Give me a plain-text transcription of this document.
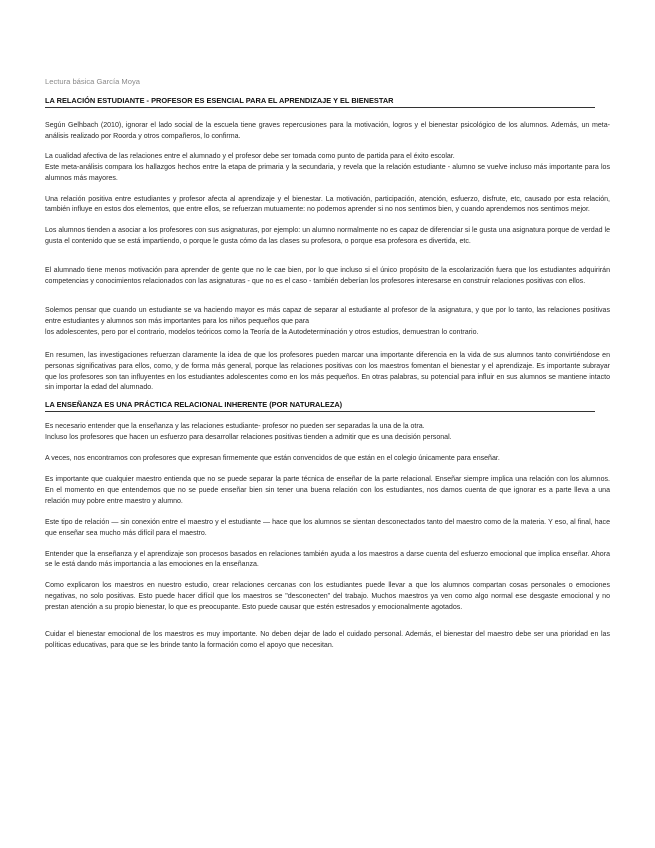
Lectura básica García Moya
LA RELACIÓN ESTUDIANTE - PROFESOR ES ESENCIAL PARA EL APRENDIZAJE Y EL BIENESTAR

Según Gelhbach (2010), ignorar el lado social de la escuela tiene graves repercusiones para la motivación, logros y el bienestar psicológico de los alumnos. Además, un meta-análisis realizado por Roorda y otros compañeros, lo confirma.

La cualidad afectiva de las relaciones entre el alumnado y el profesor debe ser tomada como punto de partida para el éxito escolar.

Este meta-análisis compara los hallazgos hechos entre la etapa de primaria y la secundaria, y revela que la relación estudiante - alumno se vuelve incluso más importante para los alumnos más mayores.

Una relación positiva entre estudiantes y profesor afecta al aprendizaje y el bienestar. La motivación, participación, atención, esfuerzo, disfrute, etc, causado por esta relación, también influye en estos dos elementos, que entre ellos, se refuerzan mutuamente: no podemos aprender si no nos sentimos bien, y cuando aprendemos nos sentimos mejor.

Los alumnos tienden a asociar a los profesores con sus asignaturas, por ejemplo: un alumno normalmente no es capaz de diferenciar si le gusta una asignatura porque de verdad le gusta el contenido que se está impartiendo, o porque le gusta cómo da las clases su profesora, o porque esa profesora es divertida, etc.

El alumnado tiene menos motivación para aprender de gente que no le cae bien, por lo que incluso si el único propósito de la escolarización fuera que los estudiantes adquirirán competencias y conocimientos relacionados con las asignaturas - que no es el caso - también deberían los profesores interesarse en construir relaciones positivas con ellos.

Solemos pensar que cuando un estudiante se va haciendo mayor es más capaz de separar al estudiante al profesor de la asignatura, y que por lo tanto, las relaciones positivas entre estudiantes y alumnos son más importantes para los niños pequeños que para

los adolescentes, pero por el contrario, modelos teóricos como la Teoría de la Autodeterminación y otros estudios, demuestran lo contrario.

En resumen, las investigaciones refuerzan claramente la idea de que los profesores pueden marcar una importante diferencia en la vida de sus alumnos tanto convirtiéndose en personas significativas para ellos, como, y de forma más general, porque las relaciones positivas con los maestros fomentan el bienestar y el aprendizaje. Es importante subrayar que los profesores son tan influyentes en los estudiantes adolescentes como en los más pequeños. En otras palabras, su potencial para influir en sus alumnos se mantiene intacto sin importar la edad del alumnado.

LA ENSEÑANZA ES UNA PRÁCTICA RELACIONAL INHERENTE (POR NATURALEZA)

Es necesario entender que la enseñanza y las relaciones estudiante- profesor no pueden ser separadas la una de la otra.

Incluso los profesores que hacen un esfuerzo para desarrollar relaciones positivas tienden a admitir que es una decisión personal.

A veces, nos encontramos con profesores que expresan firmemente que están convencidos de que están en el colegio únicamente para enseñar.

Es importante que cualquier maestro entienda que no se puede separar la parte técnica de enseñar de la parte relacional. Enseñar siempre implica una relación con los alumnos. En el momento en que entendemos que no se puede enseñar bien sin tener una buena relación con los estudiantes, nos damos cuenta de que ignorar es a parte lleva a una relación muy pobre entre maestro y alumno.

Este tipo de relación — sin conexión entre el maestro y el estudiante — hace que los alumnos se sientan desconectados tanto del maestro como de la materia. Y eso, al final, hace que enseñar sea mucho más difícil para el maestro.

Entender que la enseñanza y el aprendizaje son procesos basados en relaciones también ayuda a los maestros a darse cuenta del esfuerzo emocional que implica enseñar. Ahora se le está dando más importancia a las emociones en la enseñanza.

Como explicaron los maestros en nuestro estudio, crear relaciones cercanas con los estudiantes puede llevar a que los alumnos compartan cosas personales o emociones negativas, no solo positivas. Esto puede hacer difícil que los maestros se "desconecten" del trabajo. Muchos maestros ya ven como algo normal ese desgaste emocional y no prestan atención a su propio bienestar, lo que es preocupante. Esto puede causar que estén estresados y emocionalmente agotados.

Cuidar el bienestar emocional de los maestros es muy importante. No deben dejar de lado el cuidado personal. Además, el bienestar del maestro debe ser una prioridad en las políticas educativas, para que se les brinde tanto la formación como el apoyo que necesitan.
